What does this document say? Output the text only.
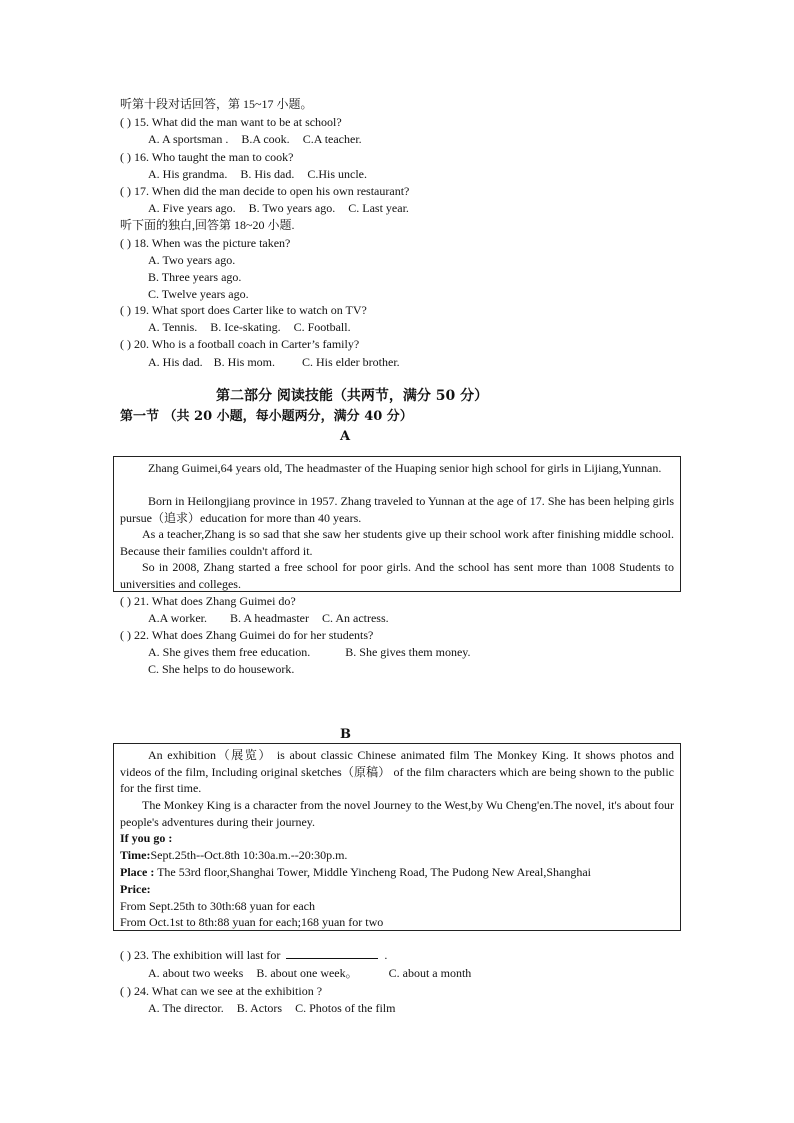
听第十段对话回答，第 15~17 小题。
( ) 15. What did the man want to be at school?
A. A sportsman . B.A cook. C.A teacher.
( ) 16. Who taught the man to cook?
A. His grandma. B. His dad. C.His uncle.
( ) 17. When did the man decide to open his own restaurant?
A. Five years ago. B. Two years ago. C. Last year.
听下面的独白,回答第 18~20 小题.
( ) 18. When was the picture taken?
A. Two years ago.
B. Three years ago.
C. Twelve years ago.
( ) 19. What sport does Carter like to watch on TV?
A. Tennis. B. Ice-skating. C. Football.
( ) 20. Who is a football coach in Carter’s family?
A. His dad. B. His mom. C. His elder brother.
第二部分 阅读技能（共两节，满分 50 分）
第一节 （共 20 小题，每小题两分，满分 40 分）
A

Zhang Guimei,64 years old, The headmaster of the Huaping senior high school for girls in Lijiang,Yunnan.

Born in Heilongjiang province in 1957. Zhang traveled to Yunnan at the age of 17. She has been helping girls pursue（追求）education for more than 40 years.

As a teacher,Zhang is so sad that she saw her students give up their school work after finishing middle school. Because their families couldn't afford it.

So in 2008, Zhang started a free school for poor girls. And the school has sent more than 1008 Students to universities and colleges.

( ) 21. What does Zhang Guimei do?
A.A worker. B. A headmaster C. An actress.
( ) 22. What does Zhang Guimei do for her students?
A. She gives them free education.	B. She gives them money.
C. She helps to do housework.
B

An exhibition（展览） is about classic Chinese animated film The Monkey King. It shows photos and videos of the film, Including original sketches（原稿） of the film characters which are being shown to the public for the first time.

The Monkey King is a character from the novel Journey to the West,by Wu Cheng'en.The novel, it's about four people's adventures during their journey.

If you go :
Time:Sept.25th--Oct.8th 10:30a.m.--20:30p.m.
Place : The 53rd floor,Shanghai Tower, Middle Yincheng Road, The Pudong New Areal,Shanghai
Price:
From Sept.25th to 30th:68 yuan for each
From Oct.1st to 8th:88 yuan for each;168 yuan for two
( ) 23. The exhibition will last for	.
A. about two weeks B. about one week。	C. about a month
( ) 24. What can we see at the exhibition ?
A. The director. B. Actors C. Photos of the film
